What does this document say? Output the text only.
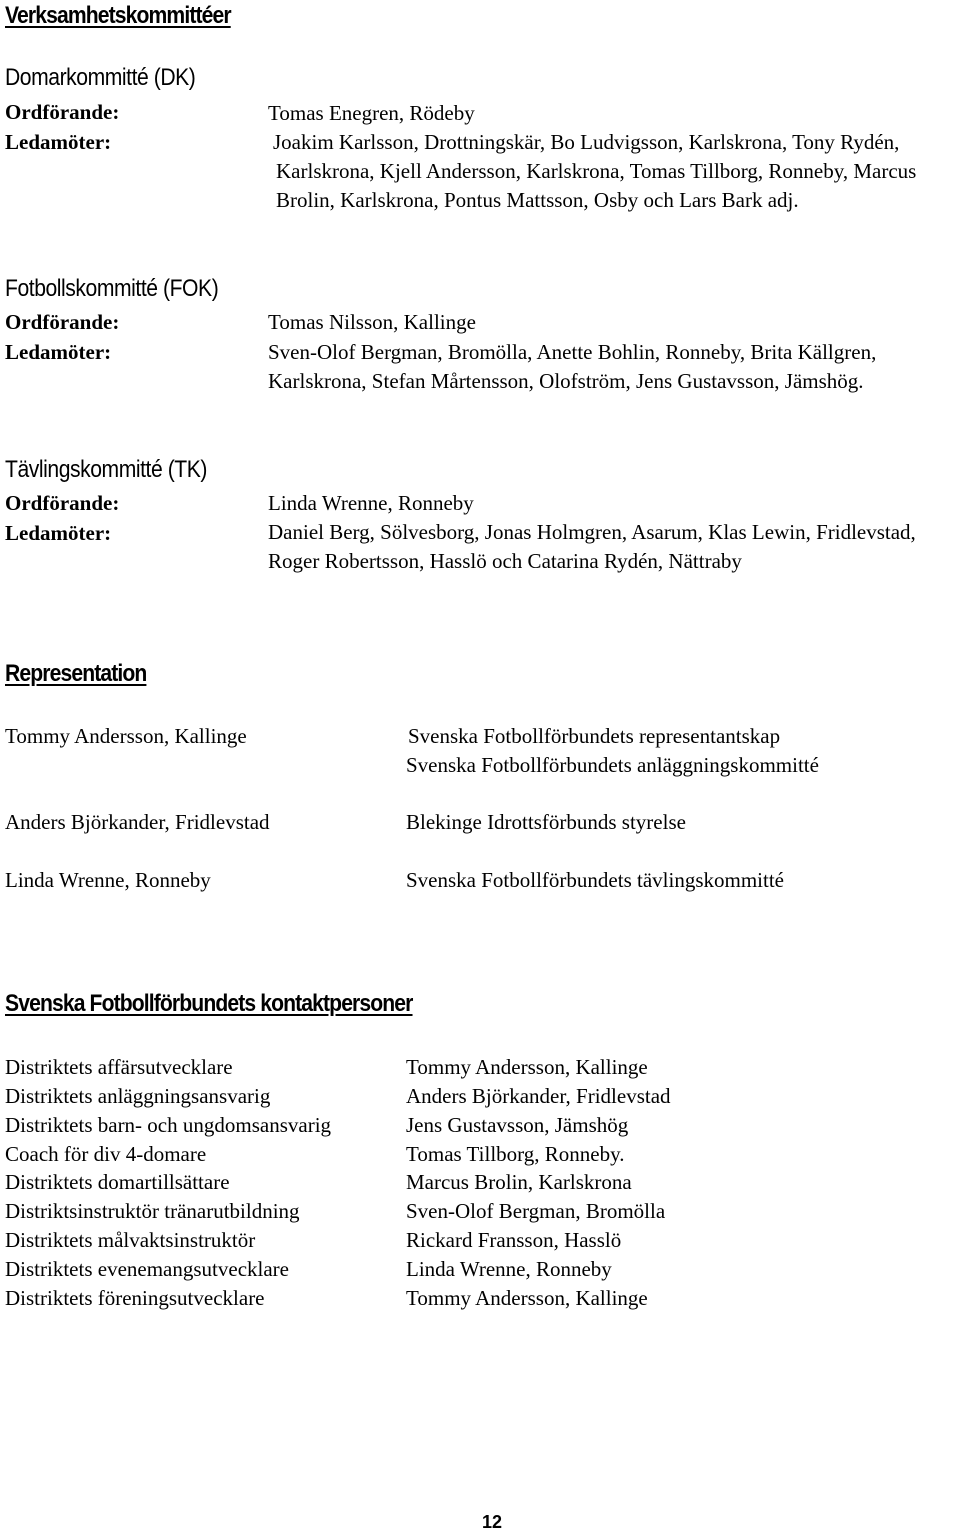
Verksamhetskommittéer
Domarkommitté (DK)
Ordförande:	Tomas Enegren, Rödeby
Ledamöter:	Joakim Karlsson, Drottningskär, Bo Ludvigsson, Karlskrona, Tony Rydén, Karlskrona, Kjell Andersson, Karlskrona, Tomas Tillborg, Ronneby, Marcus Brolin, Karlskrona, Pontus Mattsson, Osby och Lars Bark adj.
Fotbollskommitté (FOK)
Ordförande:	Tomas Nilsson, Kallinge
Ledamöter:	Sven-Olof Bergman, Bromölla, Anette Bohlin, Ronneby, Brita Källgren, Karlskrona, Stefan Mårtensson, Olofström, Jens Gustavsson, Jämshög.
Tävlingskommitté (TK)
Ordförande:	Linda Wrenne, Ronneby
Ledamöter:	Daniel Berg, Sölvesborg, Jonas Holmgren, Asarum, Klas Lewin, Fridlevstad, Roger Robertsson, Hasslö och Catarina Rydén, Nättraby
Representation
Tommy Andersson, Kallinge	Svenska Fotbollförbundets representantskap
Svenska Fotbollförbundets anläggningskommitté
Anders Björkander, Fridlevstad	Blekinge Idrottsförbunds styrelse
Linda Wrenne, Ronneby	Svenska Fotbollförbundets tävlingskommitté
Svenska Fotbollförbundets kontaktpersoner
Distriktets affärsutvecklare	Tommy Andersson, Kallinge
Distriktets anläggningsansvarig	Anders Björkander, Fridlevstad
Distriktets barn- och ungdomsansvarig	Jens Gustavsson, Jämshög
Coach för div 4-domare	Tomas Tillborg, Ronneby.
Distriktets domartillsättare	Marcus Brolin, Karlskrona
Distriktsinstruktör tränarutbildning	Sven-Olof Bergman, Bromölla
Distriktets målvaktsinstruktör	Rickard Fransson, Hasslö
Distriktets evenemangsutvecklare	Linda Wrenne, Ronneby
Distriktets föreningsutvecklare	Tommy Andersson, Kallinge
12
